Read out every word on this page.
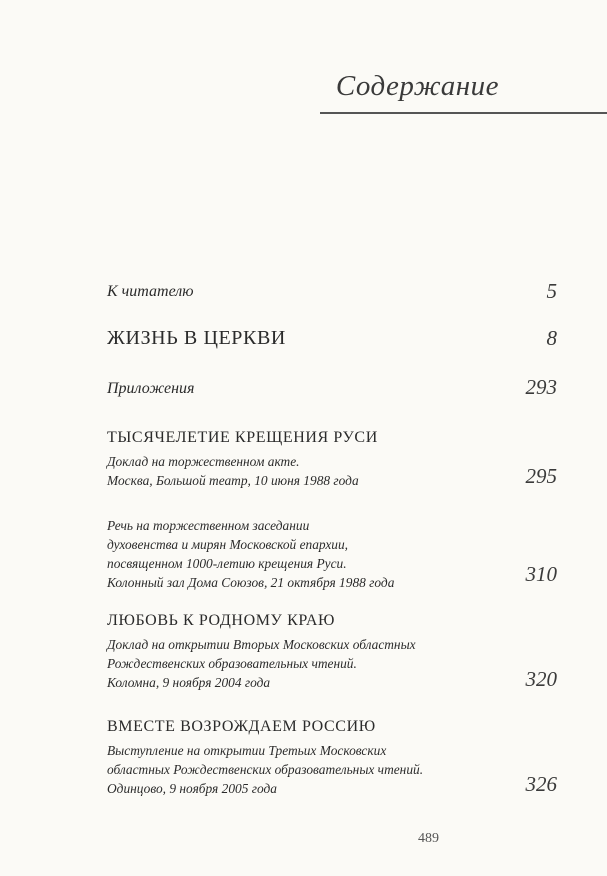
Содержание
К читателю	5
ЖИЗНЬ В ЦЕРКВИ	8
Приложения	293
ТЫСЯЧЕЛЕТИЕ КРЕЩЕНИЯ РУСИ
Доклад на торжественном акте.
Москва, Большой театр, 10 июня 1988 года	295
Речь на торжественном заседании
духовенства и мирян Московской епархии,
посвященном 1000-летию крещения Руси.
Колонный зал Дома Союзов, 21 октября 1988 года	310
ЛЮБОВЬ К РОДНОМУ КРАЮ
Доклад на открытии Вторых Московских областных
Рождественских образовательных чтений.
Коломна, 9 ноября 2004 года	320
ВМЕСТЕ ВОЗРОЖДАЕМ РОССИЮ
Выступление на открытии Третьих Московских
областных Рождественских образовательных чтений.
Одинцово, 9 ноября 2005 года	326
489
